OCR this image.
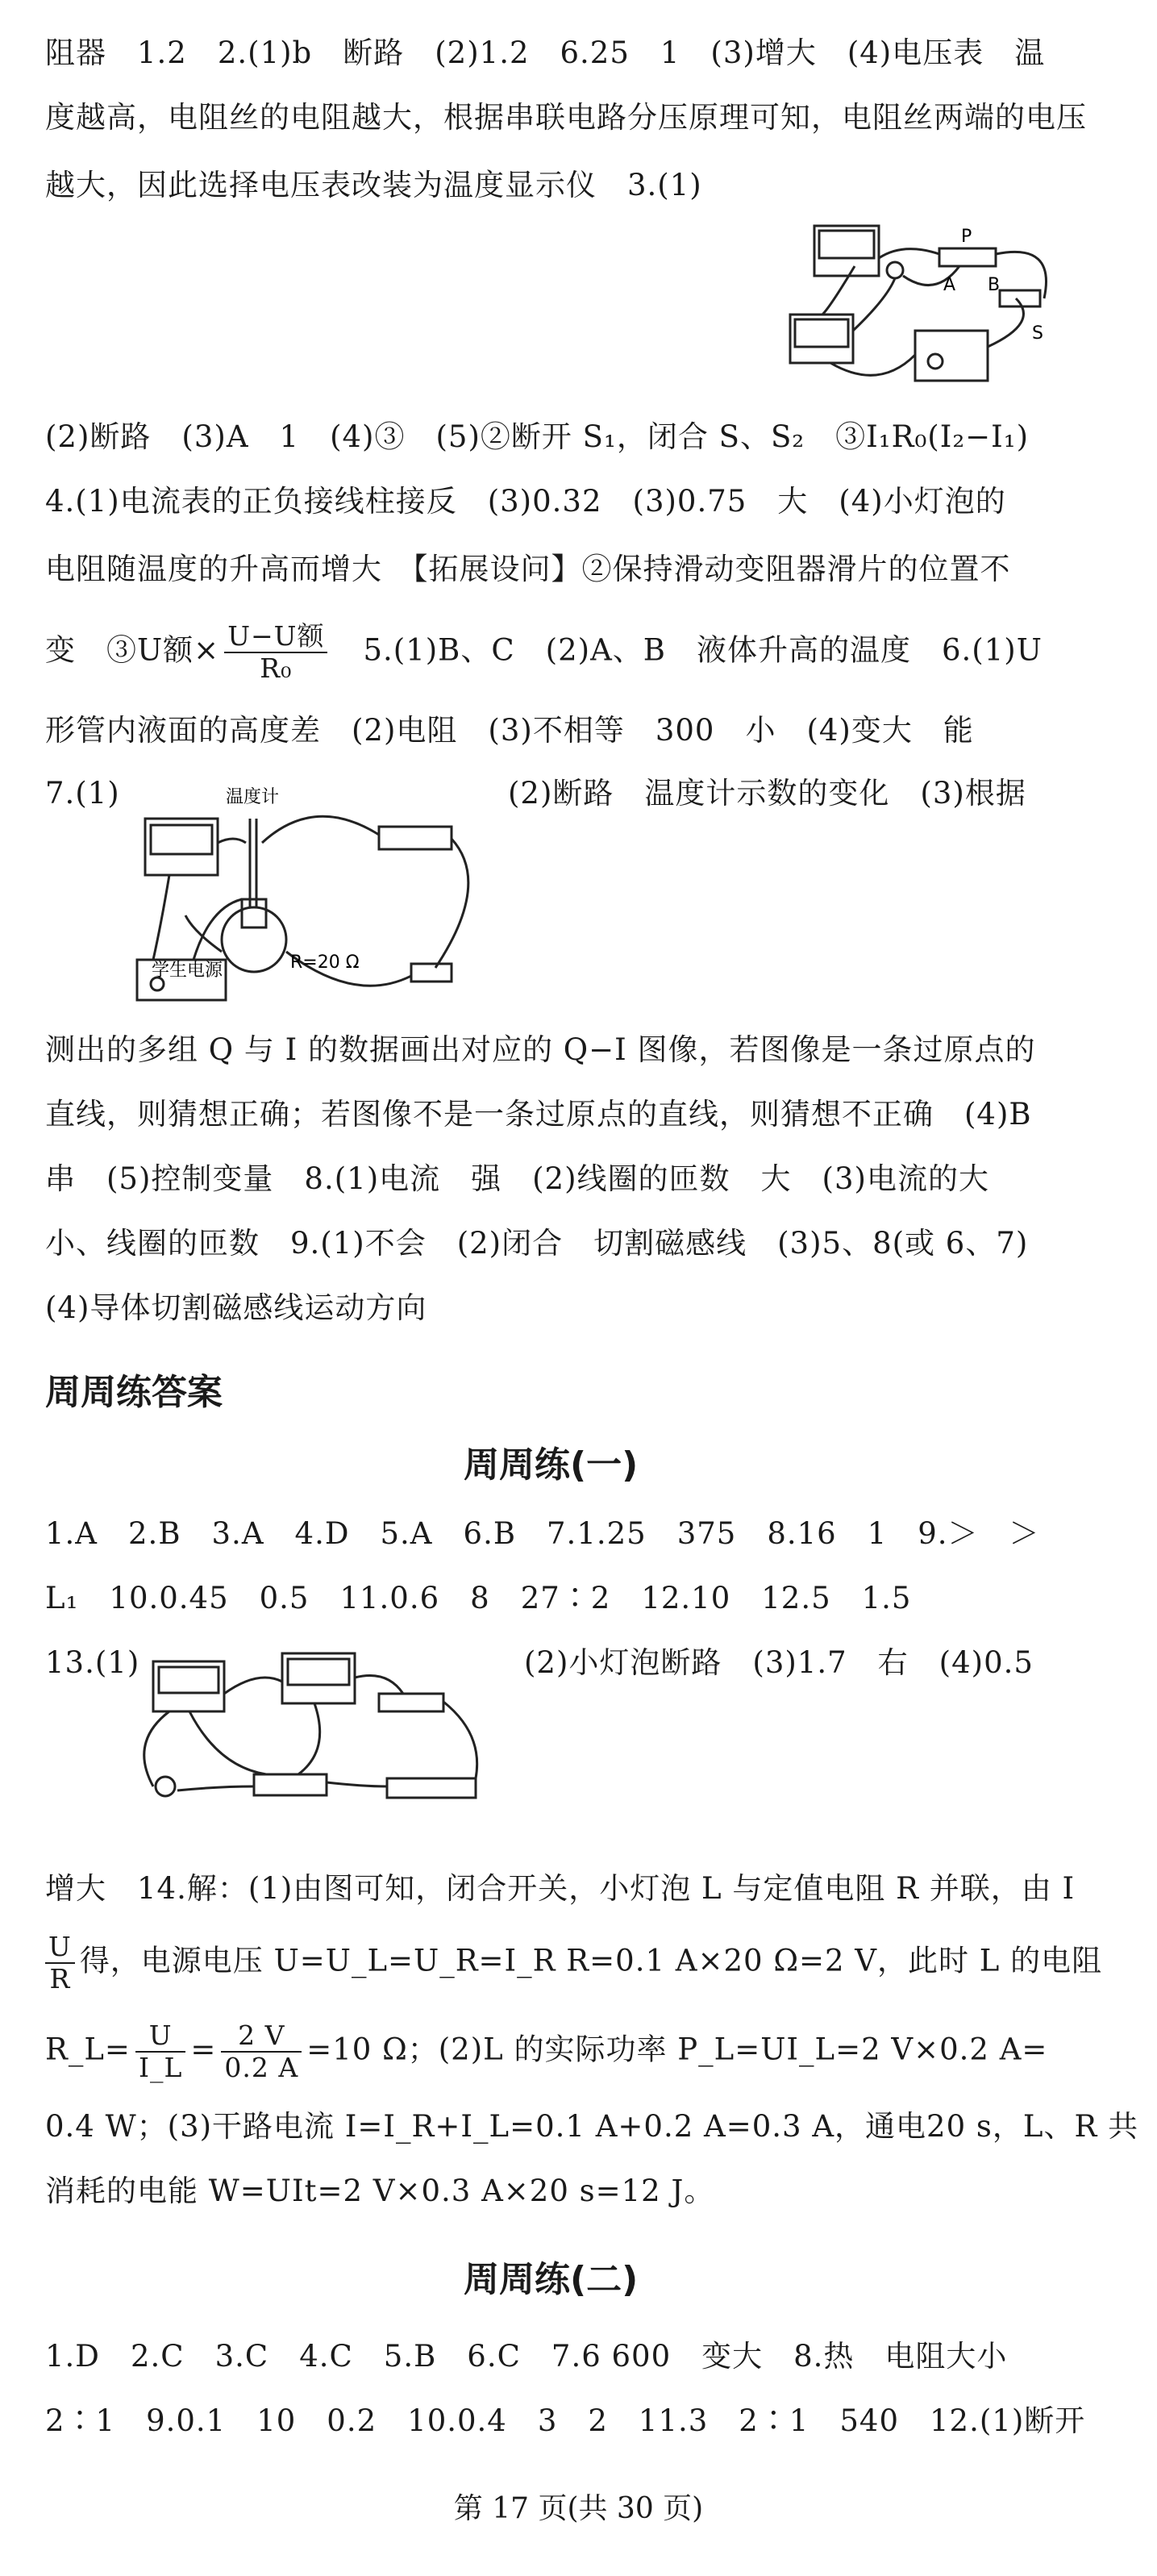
阻器　1.2　2.(1)b　断路　(2)1.2　6.25　1　(3)增大　(4)电压表　温
度越高，电阻丝的电阻越大，根据串联电路分压原理可知，电阻丝两端的电压
越大，因此选择电压表改装为温度显示仪　3.(1)
P
A B
S
(2)断路　(3)A　1　(4)③　(5)②断开 S₁，闭合 S、S₂　③I₁R₀(I₂−I₁)
4.(1)电流表的正负接线柱接反　(3)0.32　(3)0.75　大　(4)小灯泡的
电阻随温度的升高而增大　【拓展设问】②保持滑动变阻器滑片的位置不
变　③U额× $\frac{\text{U−U额}}{\text{R₀}}$ 　5.(1)B、C　(2)A、B　液体升高的温度　6.(1)U
形管内液面的高度差　(2)电阻　(3)不相等　300　小　(4)变大　能
7.(1)	(2)断路　温度计示数的变化　(3)根据
温度计
R=20 Ω
学生电源
测出的多组 Q 与 I 的数据画出对应的 Q−I 图像，若图像是一条过原点的
直线，则猜想正确；若图像不是一条过原点的直线，则猜想不正确　(4)B
串　(5)控制变量　8.(1)电流　强　(2)线圈的匝数　大　(3)电流的大
小、线圈的匝数　9.(1)不会　(2)闭合　切割磁感线　(3)5、8(或 6、7)
(4)导体切割磁感线运动方向
周周练答案
周周练(一)
1.A　2.B　3.A　4.D　5.A　6.B　7.1.25　375　8.16　1　9.＞　＞
L₁　10.0.45　0.5　11.0.6　8　27∶2　12.10　12.5　1.5
13.(1)	(2)小灯泡断路　(3)1.7　右　(4)0.5
增大　14.解：(1)由图可知，闭合开关，小灯泡 L 与定值电阻 R 并联，由 I
$\frac{U}{R}$ 得，电源电压 U=U_L=U_R=I_R R=0.1 A×20 Ω=2 V，此时 L 的电阻
R_L= $\frac{U}{I\_L} = \frac{2 V}{0.2 A} =10$ Ω；(2)L 的实际功率 P_L=UI_L=2 V×0.2 A=
0.4 W；(3)干路电流 I=I_R+I_L=0.1 A+0.2 A=0.3 A，通电20 s，L、R 共
消耗的电能 W=UIt=2 V×0.3 A×20 s=12 J。
周周练(二)
1.D　2.C　3.C　4.C　5.B　6.C　7.6 600　变大　8.热　电阻大小
2∶1　9.0.1　10　0.2　10.0.4　3　2　11.3　2∶1　540　12.(1)断开
第 17 页(共 30 页)
